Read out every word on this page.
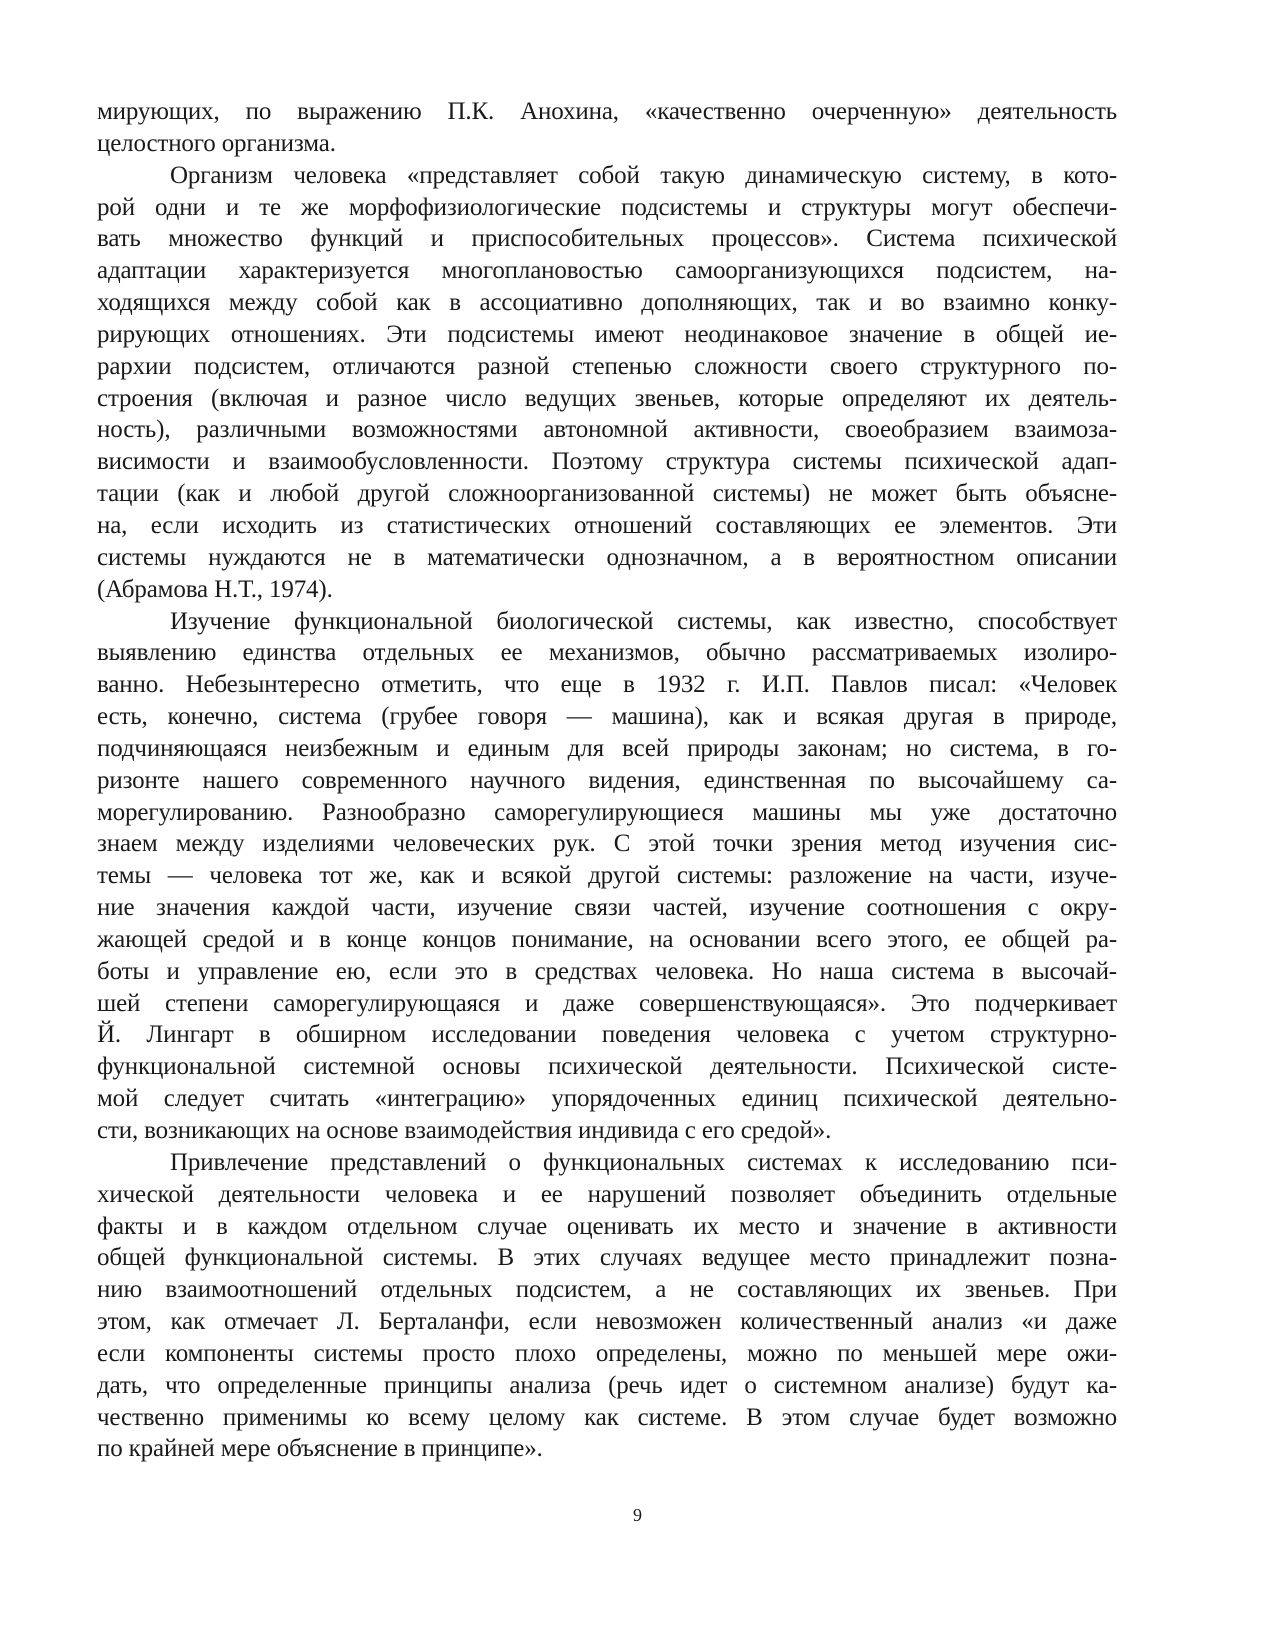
мирующих, по выражению П.К. Анохина, «качественно очерченную» деятельность
целостного организма.
Организм человека «представляет собой такую динамическую систему, в кото-
рой одни и те же морфофизиологические подсистемы и структуры могут обеспечи-
вать множество функций и приспособительных процессов». Система психической
адаптации характеризуется многоплановостью самоорганизующихся подсистем, на-
ходящихся между собой как в ассоциативно дополняющих, так и во взаимно конку-
рирующих отношениях. Эти подсистемы имеют неодинаковое значение в общей ие-
рархии подсистем, отличаются разной степенью сложности своего структурного по-
строения (включая и разное число ведущих звеньев, которые определяют их деятель-
ность), различными возможностями автономной активности, своеобразием взаимоза-
висимости и взаимообусловленности. Поэтому структура системы психической адап-
тации (как и любой другой сложноорганизованной системы) не может быть объясне-
на, если исходить из статистических отношений составляющих ее элементов. Эти
системы нуждаются не в математически однозначном, а в вероятностном описании
(Абрамова Н.Т., 1974).
Изучение функциональной биологической системы, как известно, способствует
выявлению единства отдельных ее механизмов, обычно рассматриваемых изолиро-
ванно. Небезынтересно отметить, что еще в 1932 г. И.П. Павлов писал: «Человек
есть, конечно, система (грубее говоря — машина), как и всякая другая в природе,
подчиняющаяся неизбежным и единым для всей природы законам; но система, в го-
ризонте нашего современного научного видения, единственная по высочайшему са-
морегулированию. Разнообразно саморегулирующиеся машины мы уже достаточно
знаем между изделиями человеческих рук. С этой точки зрения метод изучения сис-
темы — человека тот же, как и всякой другой системы: разложение на части, изуче-
ние значения каждой части, изучение связи частей, изучение соотношения с окру-
жающей средой и в конце концов понимание, на основании всего этого, ее общей ра-
боты и управление ею, если это в средствах человека. Но наша система в высочай-
шей степени саморегулирующаяся и даже совершенствующаяся». Это подчеркивает
Й. Лингарт в обширном исследовании поведения человека с учетом структурно-
функциональной системной основы психической деятельности. Психической систе-
мой следует считать «интеграцию» упорядоченных единиц психической деятельно-
сти, возникающих на основе взаимодействия индивида с его средой».
Привлечение представлений о функциональных системах к исследованию пси-
хической деятельности человека и ее нарушений позволяет объединить отдельные
факты и в каждом отдельном случае оценивать их место и значение в активности
общей функциональной системы. В этих случаях ведущее место принадлежит позна-
нию взаимоотношений отдельных подсистем, а не составляющих их звеньев. При
этом, как отмечает Л. Берталанфи, если невозможен количественный анализ «и даже
если компоненты системы просто плохо определены, можно по меньшей мере ожи-
дать, что определенные принципы анализа (речь идет о системном анализе) будут ка-
чественно применимы ко всему целому как системе. В этом случае будет возможно
по крайней мере объяснение в принципе».
9
